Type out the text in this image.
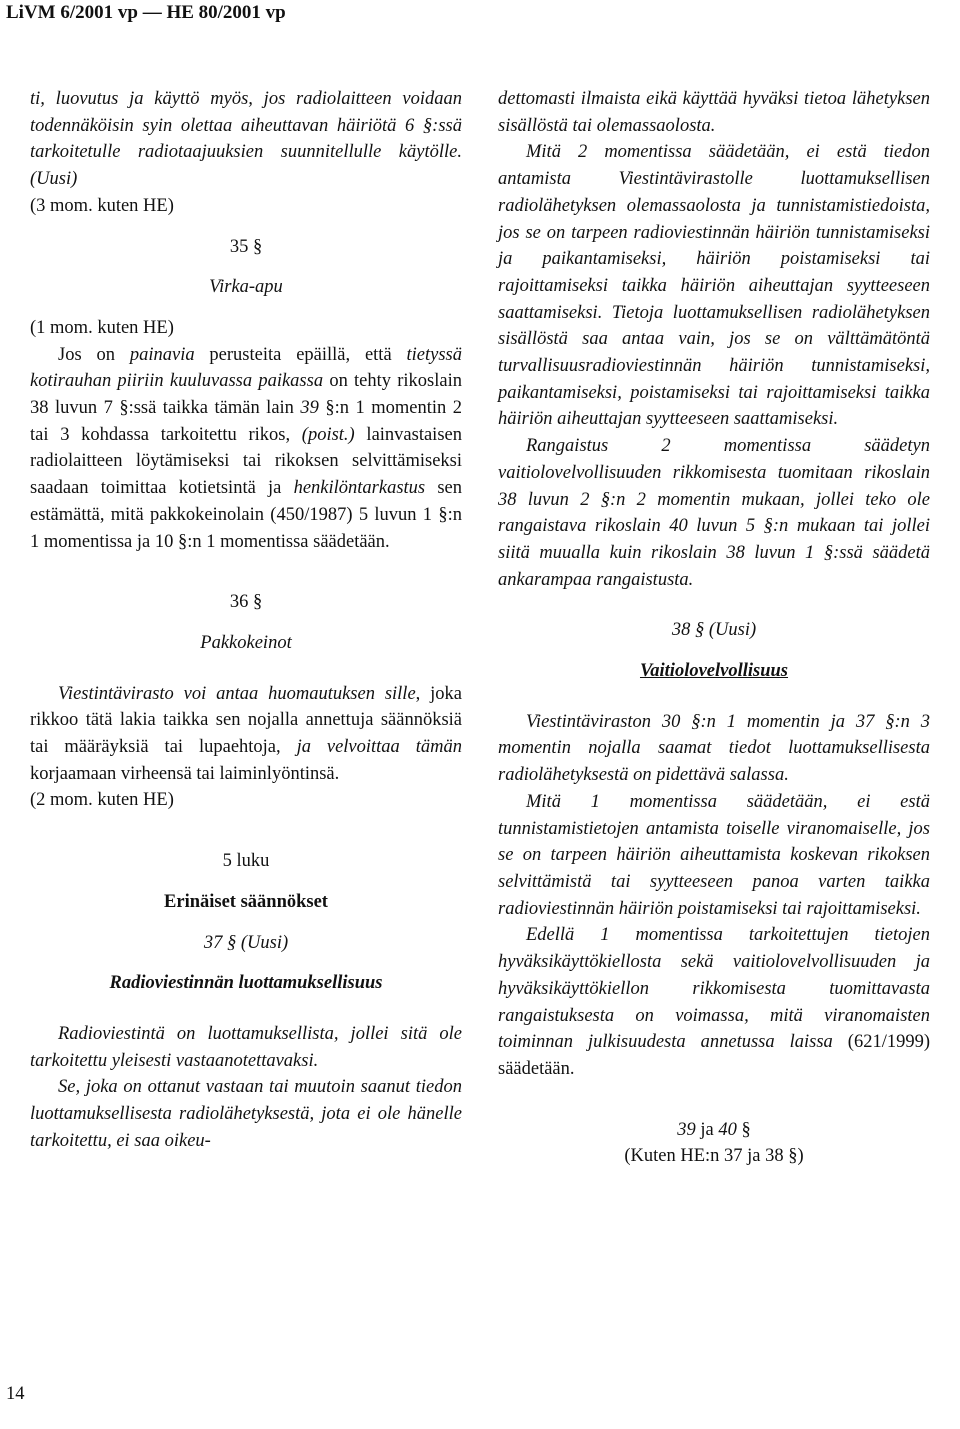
LiVM 6/2001 vp — HE 80/2001 vp

ti, luovutus ja käyttö myös, jos radiolaitteen voidaan todennäköisin syin olettaa aiheuttavan häiriötä 6 §:ssä tarkoitetulle radiotaajuuksien suunnitellulle käytölle. (Uusi)

(3 mom. kuten HE)

35 §

Virka-apu

(1 mom. kuten HE)

Jos on painavia perusteita epäillä, että tietyssä kotirauhan piiriin kuuluvassa paikassa on tehty rikoslain 38 luvun 7 §:ssä taikka tämän lain 39 §:n 1 momentin 2 tai 3 kohdassa tarkoitettu rikos, (poist.) lainvastaisen radiolaitteen löytämiseksi tai rikoksen selvittämiseksi saadaan toimittaa kotietsintä ja henkilöntarkastus sen estämättä, mitä pakkokeinolain (450/1987) 5 luvun 1 §:n 1 momentissa ja 10 §:n 1 momentissa säädetään.

36 §

Pakkokeinot

Viestintävirasto voi antaa huomautuksen sille, joka rikkoo tätä lakia taikka sen nojalla annettuja säännöksiä tai määräyksiä tai lupaehtoja, ja velvoittaa tämän korjaamaan virheensä tai laiminlyöntinsä.

(2 mom. kuten HE)

5 luku

Erinäiset säännökset

37 § (Uusi)

Radioviestinnän luottamuksellisuus

Radioviestintä on luottamuksellista, jollei sitä ole tarkoitettu yleisesti vastaanotettavaksi.

Se, joka on ottanut vastaan tai muutoin saanut tiedon luottamuksellisesta radiolähetyksestä, jota ei ole hänelle tarkoitettu, ei saa oikeu-

dettomasti ilmaista eikä käyttää hyväksi tietoa lähetyksen sisällöstä tai olemassaolosta.

Mitä 2 momentissa säädetään, ei estä tiedon antamista Viestintävirastolle luottamuksellisen radiolähetyksen olemassaolosta ja tunnistamistiedoista, jos se on tarpeen radioviestinnän häiriön tunnistamiseksi ja paikantamiseksi, häiriön poistamiseksi tai rajoittamiseksi taikka häiriön aiheuttajan syytteeseen saattamiseksi. Tietoja luottamuksellisen radiolähetyksen sisällöstä saa antaa vain, jos se on välttämätöntä turvallisuusradioviestinnän häiriön tunnistamiseksi, paikantamiseksi, poistamiseksi tai rajoittamiseksi taikka häiriön aiheuttajan syytteeseen saattamiseksi.

Rangaistus 2 momentissa säädetyn vaitiolovelvollisuuden rikkomisesta tuomitaan rikoslain 38 luvun 2 §:n 2 momentin mukaan, jollei teko ole rangaistava rikoslain 40 luvun 5 §:n mukaan tai jollei siitä muualla kuin rikoslain 38 luvun 1 §:ssä säädetä ankarampaa rangaistusta.

38 § (Uusi)

Vaitiolovelvollisuus

Viestintäviraston 30 §:n 1 momentin ja 37 §:n 3 momentin nojalla saamat tiedot luottamuksellisesta radiolähetyksestä on pidettävä salassa.

Mitä 1 momentissa säädetään, ei estä tunnistamistietojen antamista toiselle viranomaiselle, jos se on tarpeen häiriön aiheuttamista koskevan rikoksen selvittämistä tai syytteeseen panoa varten taikka radioviestinnän häiriön poistamiseksi tai rajoittamiseksi.

Edellä 1 momentissa tarkoitettujen tietojen hyväksikäyttökiellosta sekä vaitiolovelvollisuuden ja hyväksikäyttökiellon rikkomisesta tuomittavasta rangaistuksesta on voimassa, mitä viranomaisten toiminnan julkisuudesta annetussa laissa (621/1999) säädetään.

39 ja 40 §

(Kuten HE:n 37 ja 38 §)

14
